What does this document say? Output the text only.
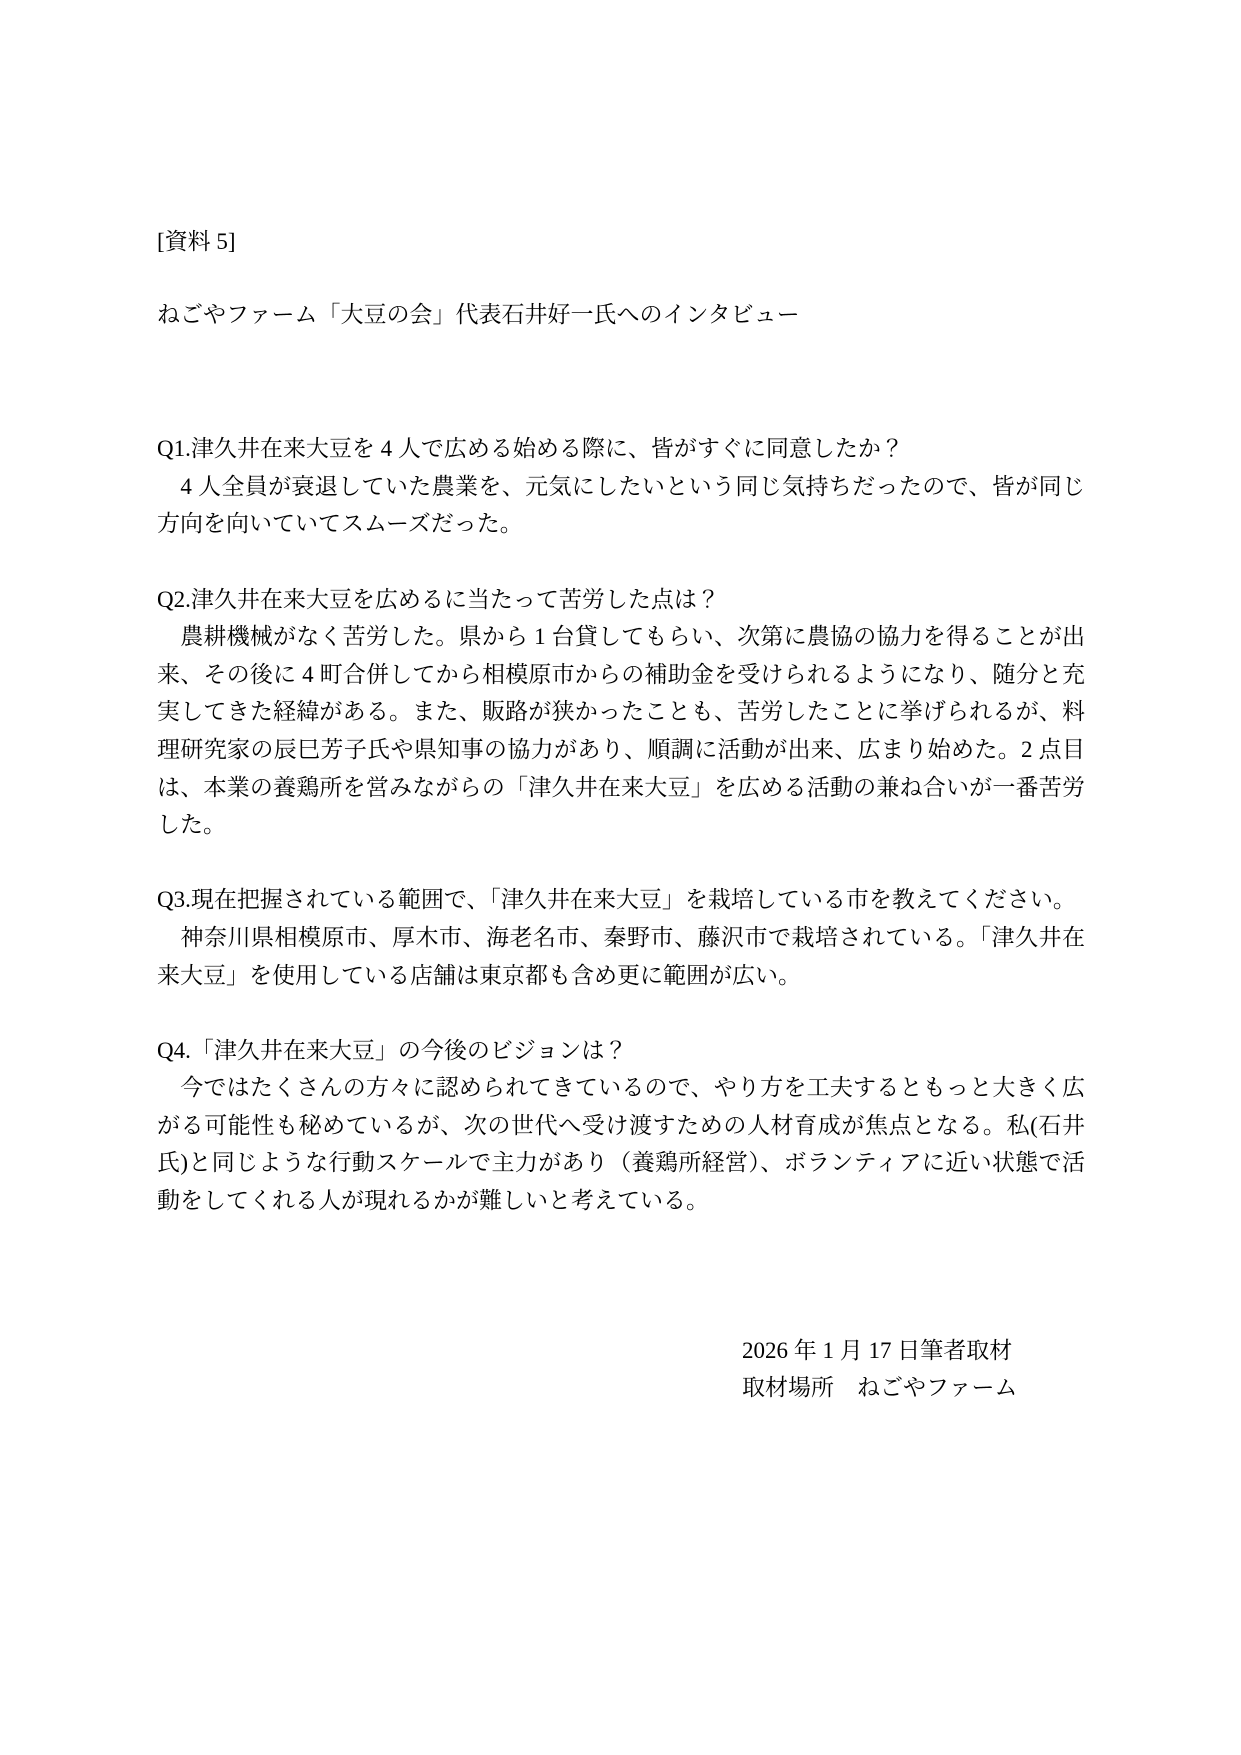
[資料 5]
ねごやファーム「大豆の会」代表石井好一氏へのインタビュー
Q1.津久井在来大豆を 4 人で広める始める際に、皆がすぐに同意したか？
　4 人全員が衰退していた農業を、元気にしたいという同じ気持ちだったので、皆が同じ方向を向いていてスムーズだった。
Q2.津久井在来大豆を広めるに当たって苦労した点は？
　農耕機械がなく苦労した。県から 1 台貸してもらい、次第に農協の協力を得ることが出来、その後に 4 町合併してから相模原市からの補助金を受けられるようになり、随分と充実してきた経緯がある。また、販路が狭かったことも、苦労したことに挙げられるが、料理研究家の辰巳芳子氏や県知事の協力があり、順調に活動が出来、広まり始めた。2 点目は、本業の養鶏所を営みながらの「津久井在来大豆」を広める活動の兼ね合いが一番苦労した。
Q3.現在把握されている範囲で、「津久井在来大豆」を栽培している市を教えてください。
　神奈川県相模原市、厚木市、海老名市、秦野市、藤沢市で栽培されている。「津久井在来大豆」を使用している店舗は東京都も含め更に範囲が広い。
Q4.「津久井在来大豆」の今後のビジョンは？
　今ではたくさんの方々に認められてきているので、やり方を工夫するともっと大きく広がる可能性も秘めているが、次の世代へ受け渡すための人材育成が焦点となる。私(石井氏)と同じような行動スケールで主力があり（養鶏所経営）、ボランティアに近い状態で活動をしてくれる人が現れるかが難しいと考えている。
2026 年 1 月 17 日筆者取材
取材場所　ねごやファーム
